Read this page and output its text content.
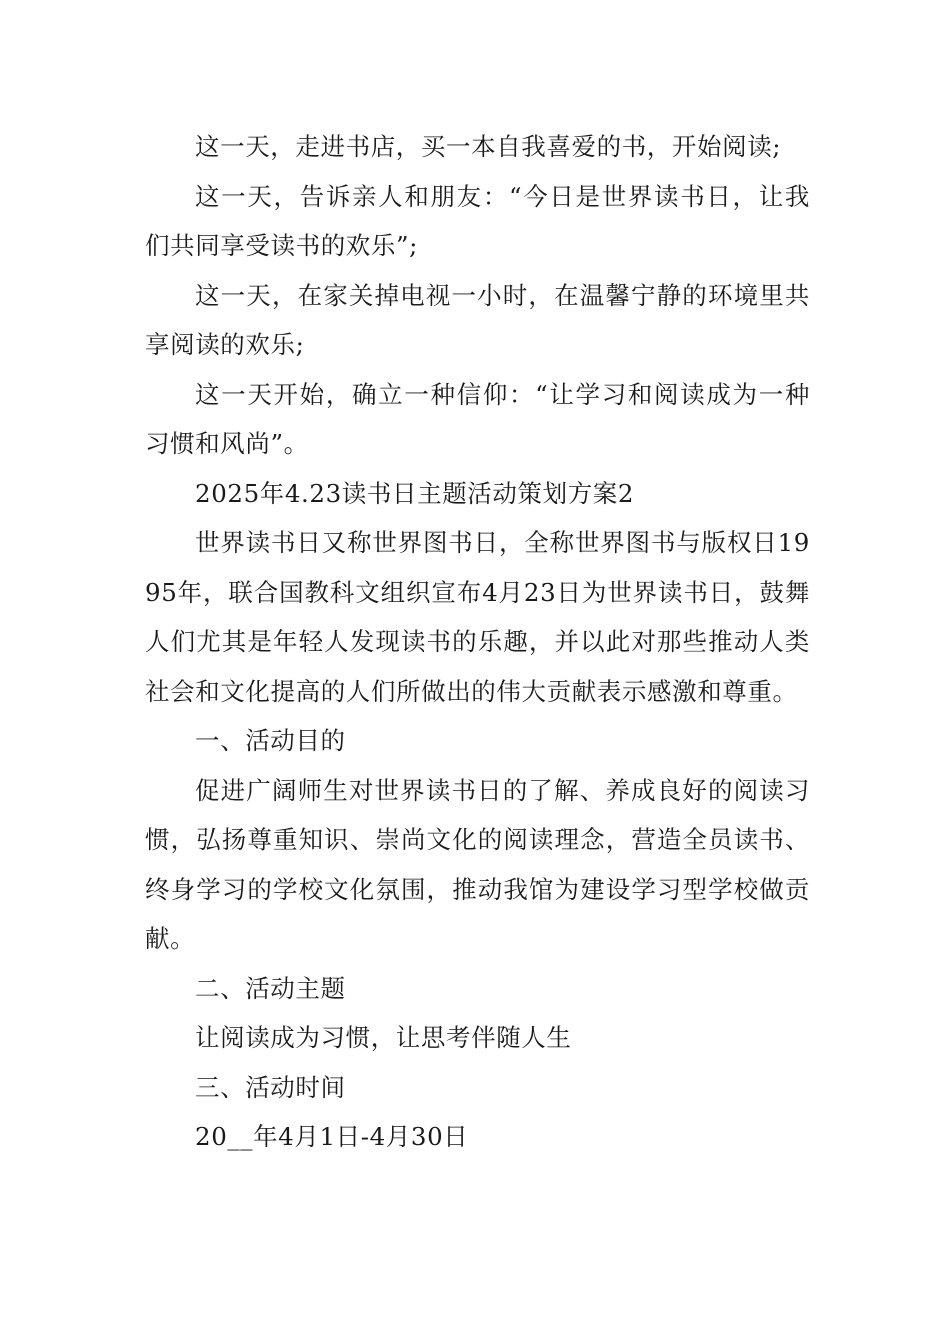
这一天，走进书店，买一本自我喜爱的书，开始阅读;

这一天，告诉亲人和朋友：“今日是世界读书日，让我们共同享受读书的欢乐”;

这一天，在家关掉电视一小时，在温馨宁静的环境里共享阅读的欢乐;

这一天开始，确立一种信仰：“让学习和阅读成为一种习惯和风尚”。

2025年4.23读书日主题活动策划方案2

世界读书日又称世界图书日，全称世界图书与版权日1995年，联合国教科文组织宣布4月23日为世界读书日，鼓舞人们尤其是年轻人发现读书的乐趣，并以此对那些推动人类社会和文化提高的人们所做出的伟大贡献表示感激和尊重。

一、活动目的

促进广阔师生对世界读书日的了解、养成良好的阅读习惯，弘扬尊重知识、崇尚文化的阅读理念，营造全员读书、终身学习的学校文化氛围，推动我馆为建设学习型学校做贡献。

二、活动主题

让阅读成为习惯，让思考伴随人生

三、活动时间

20__年4月1日-4月30日
